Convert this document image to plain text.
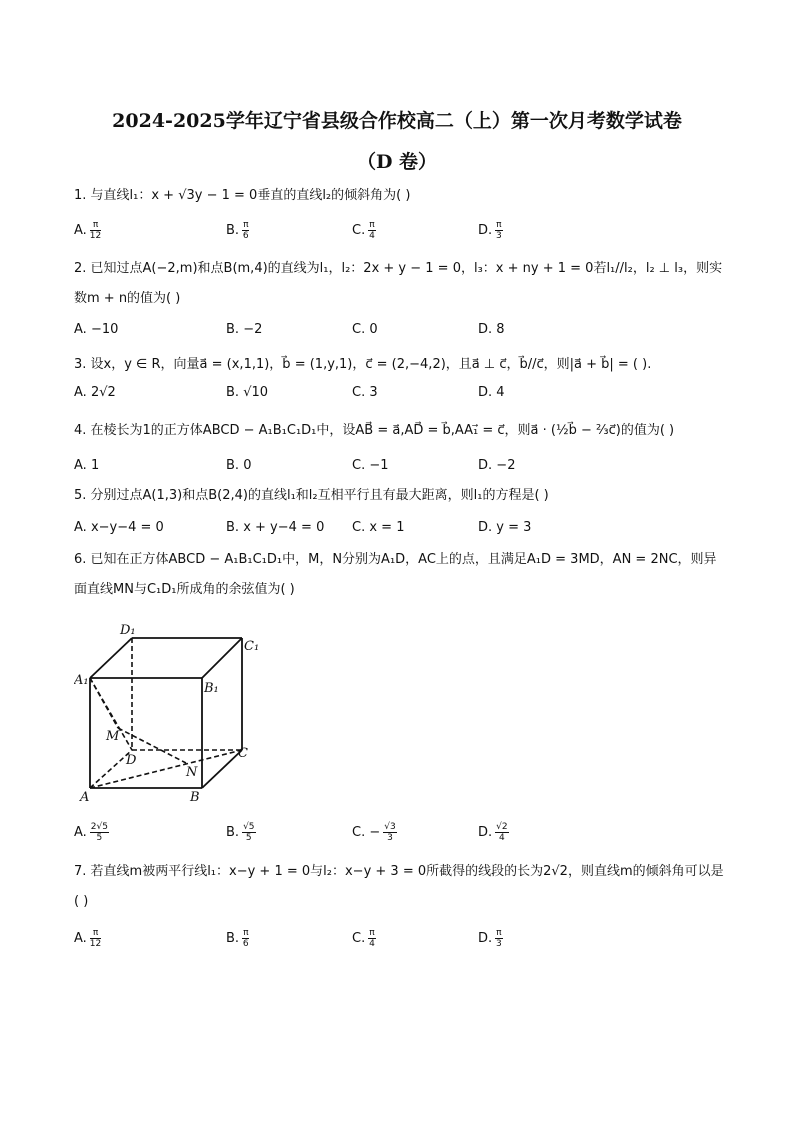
2024-2025学年辽宁省县级合作校高二（上）第一次月考数学试卷
（D 卷）
1. 与直线l₁：x + √3y − 1 = 0垂直的直线l₂的倾斜角为( )
A. $\frac{\pi}{12}$	B. $\frac{\pi}{6}$	C. $\frac{\pi}{4}$	D. $\frac{\pi}{3}$
2. 已知过点A(−2,m)和点B(m,4)的直线为l₁，l₂：2x + y − 1 = 0，l₃：x + ny + 1 = 0若l₁//l₂，l₂ ⊥ l₃，则实数m + n的值为( )
A. −10	B. −2	C. 0	D. 8
3. 设x，y ∈ R，向量a⃗ = (x,1,1)，b⃗ = (1,y,1)，c⃗ = (2,−4,2)，且a⃗ ⊥ c⃗，b⃗//c⃗，则|a⃗ + b⃗| = ( ).
A. 2√2	B. √10	C. 3	D. 4
4. 在棱长为1的正方体ABCD − A₁B₁C₁D₁中，设AB⃗ = a⃗,AD⃗ = b⃗,AA₁⃗ = c⃗，则a⃗ · (½b⃗ − ⅔c⃗)的值为( )
A. 1	B. 0	C. −1	D. −2
5. 分别过点A(1,3)和点B(2,4)的直线l₁和l₂互相平行且有最大距离，则l₁的方程是( )
A. x−y−4 = 0	B. x + y−4 = 0 C. x = 1	D. y = 3
6. 已知在正方体ABCD − A₁B₁C₁D₁中，M，N分别为A₁D，AC上的点，且满足A₁D = 3MD，AN = 2NC，则异面直线MN与C₁D₁所成角的余弦值为( )
D₁
C₁
A₁
B₁
M
D	C
N
A	B
A. $\frac{2√5}{5}$	B. $\frac{√5}{5}$	C. − $\frac{√3}{3}$	D. $\frac{√2}{4}$
7. 若直线m被两平行线l₁：x−y + 1 = 0与l₂：x−y + 3 = 0所截得的线段的长为2√2，则直线m的倾斜角可以是( )
A. $\frac{\pi}{12}$	B. $\frac{\pi}{6}$	C. $\frac{\pi}{4}$	D. $\frac{\pi}{3}$
